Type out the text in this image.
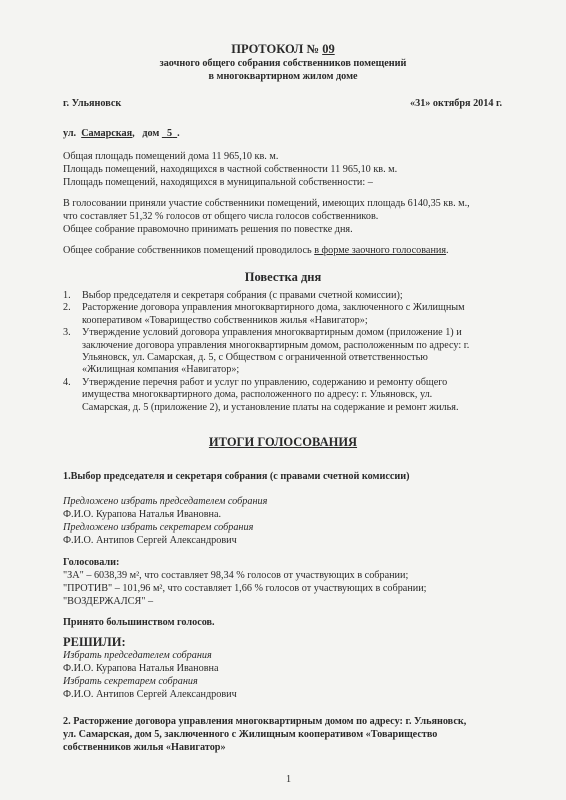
ПРОТОКОЛ № 09
заочного общего собрания собственников помещений
в многоквартирном жилом доме
г. Ульяновск	«31» октября 2014 г.
ул. Самарская,   дом 5 .
Общая площадь помещений дома 11 965,10 кв. м.
Площадь помещений, находящихся в частной собственности 11 965,10 кв. м.
Площадь помещений, находящихся в муниципальной собственности: –
В голосовании приняли участие собственники помещений, имеющих площадь 6140,35 кв. м.,
что составляет 51,32 % голосов от общего числа голосов собственников.
Общее собрание правомочно принимать решения по повестке дня.
Общее собрание собственников помещений проводилось в форме заочного голосования.
Повестка дня
1. Выбор председателя и секретаря собрания (с правами счетной комиссии);
2. Расторжение договора управления многоквартирного дома, заключенного с Жилищным
кооперативом «Товарищество собственников жилья «Навигатор»;
3. Утверждение условий договора управления многоквартирным домом (приложение 1) и
заключение договора управления многоквартирным домом, расположенным по адресу: г.
Ульяновск, ул. Самарская, д. 5, с Обществом с ограниченной ответственностью
«Жилищная компания «Навигатор»;
4. Утверждение перечня работ и услуг по управлению, содержанию и ремонту общего
имущества многоквартирного дома, расположенного по адресу: г. Ульяновск, ул.
Самарская, д. 5 (приложение 2), и установление платы на содержание и ремонт жилья.
ИТОГИ ГОЛОСОВАНИЯ
1.Выбор председателя и секретаря собрания (с правами счетной комиссии)
Предложено избрать председателем собрания
Ф.И.О. Курапова Наталья Ивановна.
Предложено избрать секретарем собрания
Ф.И.О. Антипов Сергей Александрович
Голосовали:
"ЗА" – 6038,39 м², что составляет 98,34 % голосов от участвующих в собрании;
"ПРОТИВ" – 101,96 м², что составляет 1,66 % голосов от участвующих в собрании;
"ВОЗДЕРЖАЛСЯ" –
Принято большинством голосов.
РЕШИЛИ:
Избрать председателем собрания
Ф.И.О. Курапова Наталья Ивановна
Избрать секретарем собрания
Ф.И.О. Антипов Сергей Александрович
2. Расторжение договора управления многоквартирным домом по адресу: г. Ульяновск,
ул. Самарская, дом 5, заключенного с Жилищным кооперативом «Товарищество
собственников жилья «Навигатор»
1
